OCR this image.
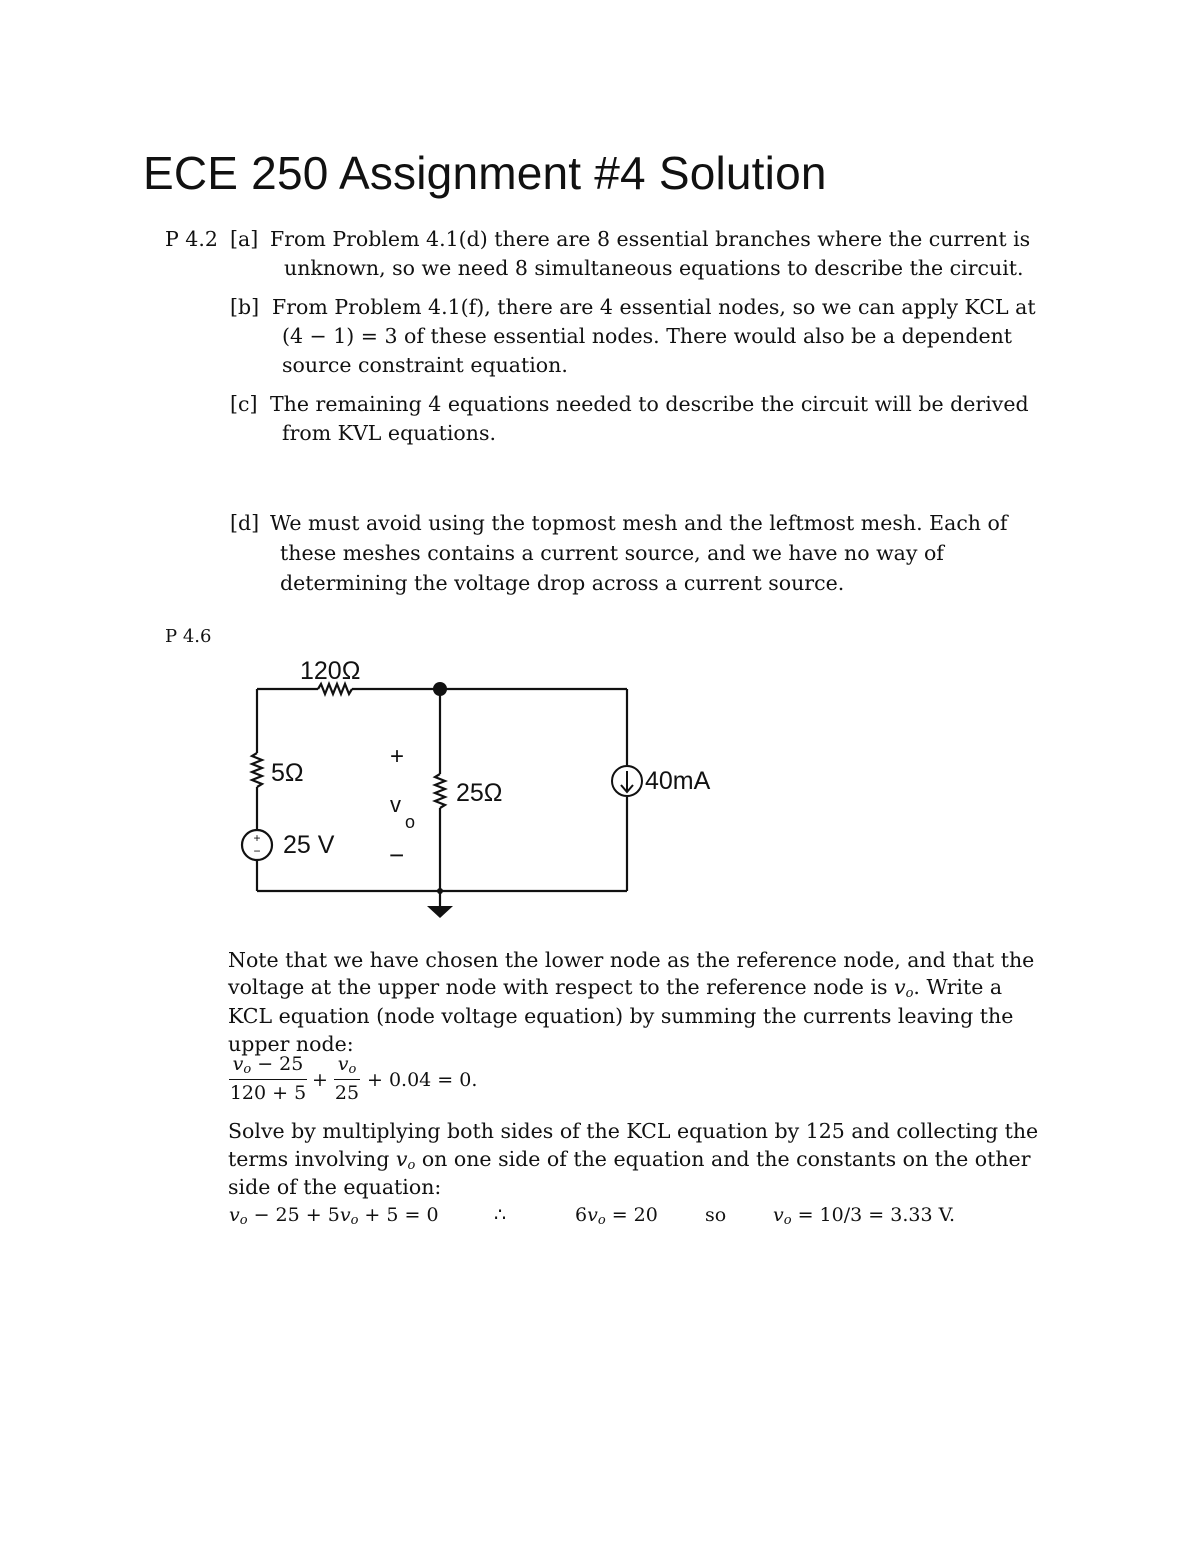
ECE 250 Assignment #4 Solution
P 4.2 [a] From Problem 4.1(d) there are 8 essential branches where the current is
unknown, so we need 8 simultaneous equations to describe the circuit.
[b] From Problem 4.1(f), there are 4 essential nodes, so we can apply KCL at
(4 − 1) = 3 of these essential nodes. There would also be a dependent
source constraint equation.
[c] The remaining 4 equations needed to describe the circuit will be derived
from KVL equations.
[d] We must avoid using the topmost mesh and the leftmost mesh. Each of
these meshes contains a current source, and we have no way of
determining the voltage drop across a current source.
P 4.6
+
−
120Ω
5Ω
25 V
25Ω	40mA
+
v
o
−
Note that we have chosen the lower node as the reference node, and that the
voltage at the upper node with respect to the reference node is $v_o$. Write a
KCL equation (node voltage equation) by summing the currents leaving the
upper node:
$\frac{v_o - 25}{120 + 5} + \frac{v_o}{25} + 0.04 = 0$.
Solve by multiplying both sides of the KCL equation by 125 and collecting the
terms involving $v_o$ on one side of the equation and the constants on the other
side of the equation:
$v_o - 25 + 5v_o + 5 = 0$	∴	$6v_o = 20$ so $v_o = 10/3 = 3.33$ V.
